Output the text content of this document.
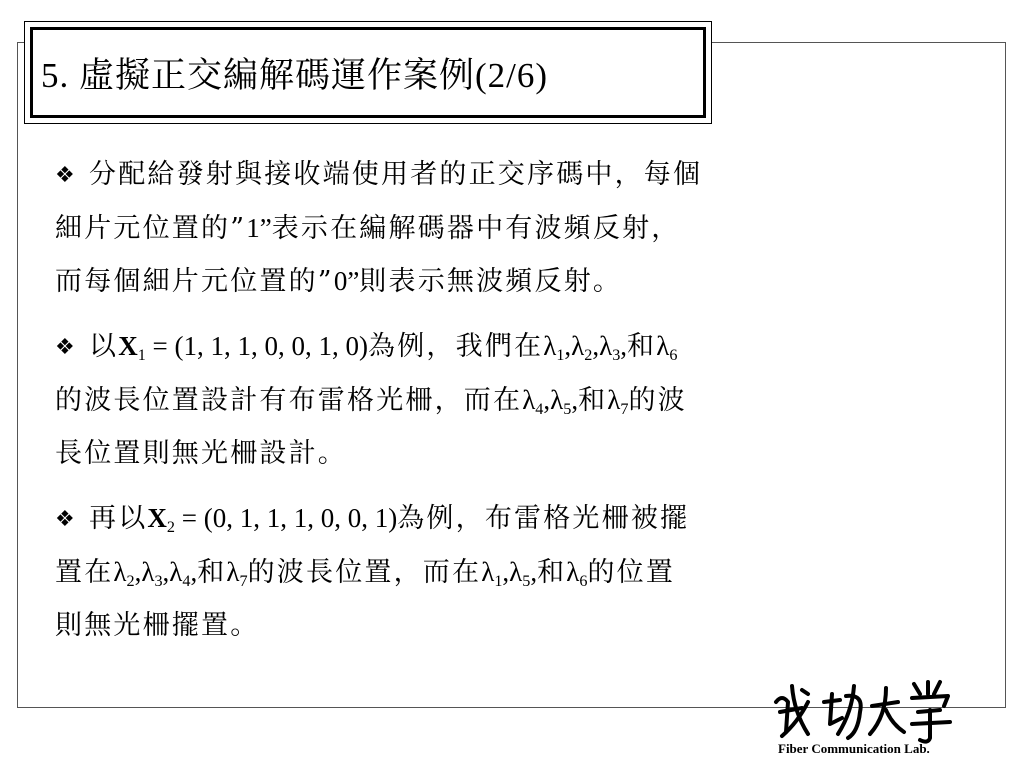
5. 虛擬正交編解碼運作案例(2/6)
❖ 分配給發射與接收端使用者的正交序碼中，每個
細片元位置的”1”表示在編解碼器中有波頻反射，
而每個細片元位置的”0”則表示無波頻反射。
❖ 以$X_1 = (1$, 1, 1, 0, 0, 1, 0)為例，我們在$\lambda_1,\lambda_2,\lambda_3$,和$\lambda_6$
的波長位置設計有布雷格光柵，而在$\lambda_4,\lambda_5$,和$\lambda_7$的波
長位置則無光柵設計。
❖ 再以$X_2 = (0$, 1, 1, 1, 0, 0, 1)為例，布雷格光柵被擺
置在$\lambda_2,\lambda_3,\lambda_4$,和$\lambda_7$的波長位置，而在$\lambda_1,\lambda_5$,和$\lambda_6$的位置
則無光柵擺置。
Fiber Communication Lab.
